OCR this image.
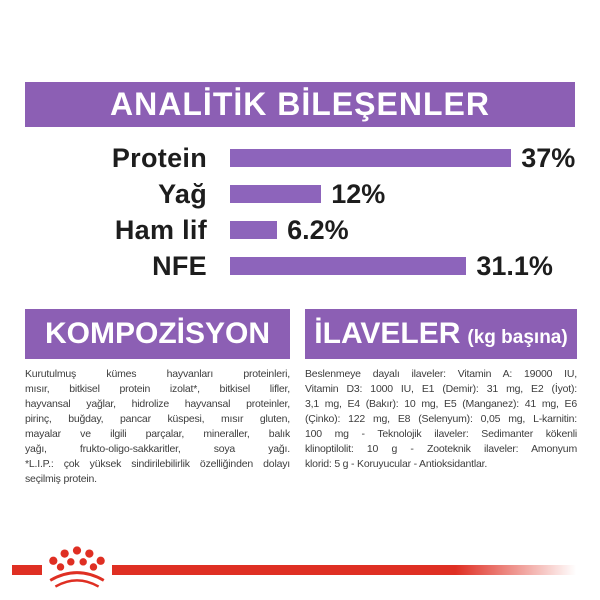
ANALİTİK BİLEŞENLER
Protein	37%
Yağ	12%
Ham lif	6.2%
NFE	31.1%
KOMPOZİSYON
Kurutulmuş kümes hayvanları proteinleri,
mısır, bitkisel protein izolat*, bitkisel lifler,
hayvansal yağlar, hidrolize hayvansal proteinler,
pirinç, buğday, pancar küspesi, mısır gluten,
mayalar ve ilgili parçalar, mineraller, balık
yağı, frukto-oligo-sakkaritler, soya yağı.
*L.I.P.: çok yüksek sindirilebilirlik özelliğinden dolayı
seçilmiş protein.
İLAVELER (kg başına)
Beslenmeye dayalı ilaveler: Vitamin A: 19000 IU,
Vitamin D3: 1000 IU, E1 (Demir): 31 mg, E2 (İyot):
3,1 mg, E4 (Bakır): 10 mg, E5 (Manganez): 41 mg, E6
(Çinko): 122 mg, E8 (Selenyum): 0,05 mg, L-karnitin:
100 mg - Teknolojik ilaveler: Sedimanter kökenli
klinoptilolit: 10 g - Zooteknik ilaveler: Amonyum
klorid: 5 g - Koruyucular - Antioksidantlar.
